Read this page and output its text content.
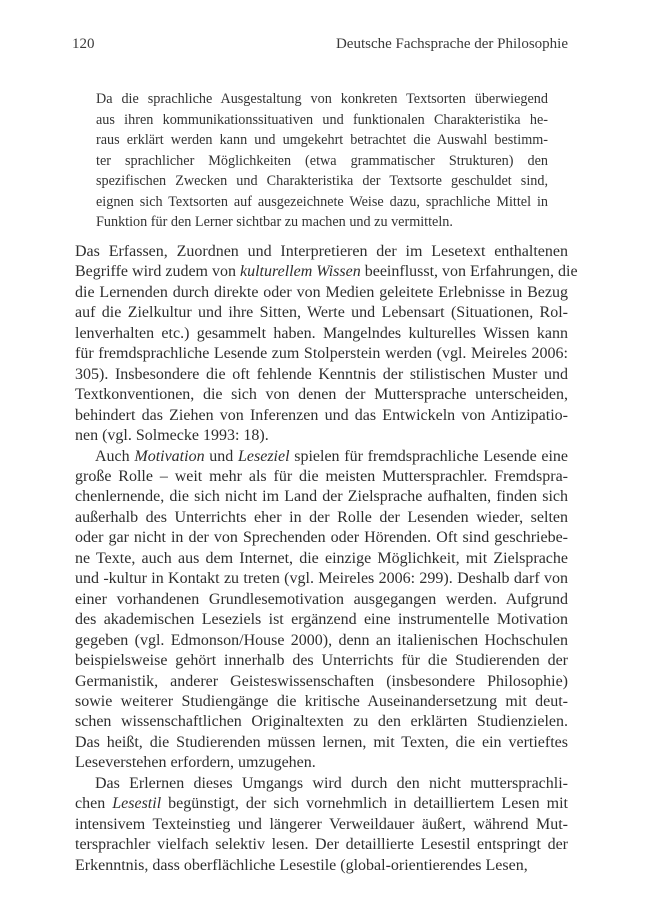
120	Deutsche Fachsprache der Philosophie
Da die sprachliche Ausgestaltung von konkreten Textsorten überwiegend
aus ihren kommunikationssituativen und funktionalen Charakteristika he-
raus erklärt werden kann und umgekehrt betrachtet die Auswahl bestimm-
ter sprachlicher Möglichkeiten (etwa grammatischer Strukturen) den
spezifischen Zwecken und Charakteristika der Textsorte geschuldet sind,
eignen sich Textsorten auf ausgezeichnete Weise dazu, sprachliche Mittel in
Funktion für den Lerner sichtbar zu machen und zu vermitteln.
Das Erfassen, Zuordnen und Interpretieren der im Lesetext enthaltenen
Begriffe wird zudem von kulturellem Wissen beeinflusst, von Erfahrungen, die
die Lernenden durch direkte oder von Medien geleitete Erlebnisse in Bezug
auf die Zielkultur und ihre Sitten, Werte und Lebensart (Situationen, Rol-
lenverhalten etc.) gesammelt haben. Mangelndes kulturelles Wissen kann
für fremdsprachliche Lesende zum Stolperstein werden (vgl. Meireles 2006:
305). Insbesondere die oft fehlende Kenntnis der stilistischen Muster und
Textkonventionen, die sich von denen der Muttersprache unterscheiden,
behindert das Ziehen von Inferenzen und das Entwickeln von Antizipatio-
nen (vgl. Solmecke 1993: 18).
Auch Motivation und Leseziel spielen für fremdsprachliche Lesende eine
große Rolle – weit mehr als für die meisten Muttersprachler. Fremdspra-
chenlernende, die sich nicht im Land der Zielsprache aufhalten, finden sich
außerhalb des Unterrichts eher in der Rolle der Lesenden wieder, selten
oder gar nicht in der von Sprechenden oder Hörenden. Oft sind geschriebe-
ne Texte, auch aus dem Internet, die einzige Möglichkeit, mit Zielsprache
und -kultur in Kontakt zu treten (vgl. Meireles 2006: 299). Deshalb darf von
einer vorhandenen Grundlesemotivation ausgegangen werden. Aufgrund
des akademischen Leseziels ist ergänzend eine instrumentelle Motivation
gegeben (vgl. Edmonson/House 2000), denn an italienischen Hochschulen
beispielsweise gehört innerhalb des Unterrichts für die Studierenden der
Germanistik, anderer Geisteswissenschaften (insbesondere Philosophie)
sowie weiterer Studiengänge die kritische Auseinandersetzung mit deut-
schen wissenschaftlichen Originaltexten zu den erklärten Studienzielen.
Das heißt, die Studierenden müssen lernen, mit Texten, die ein vertieftes
Leseverstehen erfordern, umzugehen.
Das Erlernen dieses Umgangs wird durch den nicht muttersprachli-
chen Lesestil begünstigt, der sich vornehmlich in detailliertem Lesen mit
intensivem Texteinstieg und längerer Verweildauer äußert, während Mut-
tersprachler vielfach selektiv lesen. Der detaillierte Lesestil entspringt der
Erkenntnis, dass oberflächliche Lesestile (global-orientierendes Lesen,
